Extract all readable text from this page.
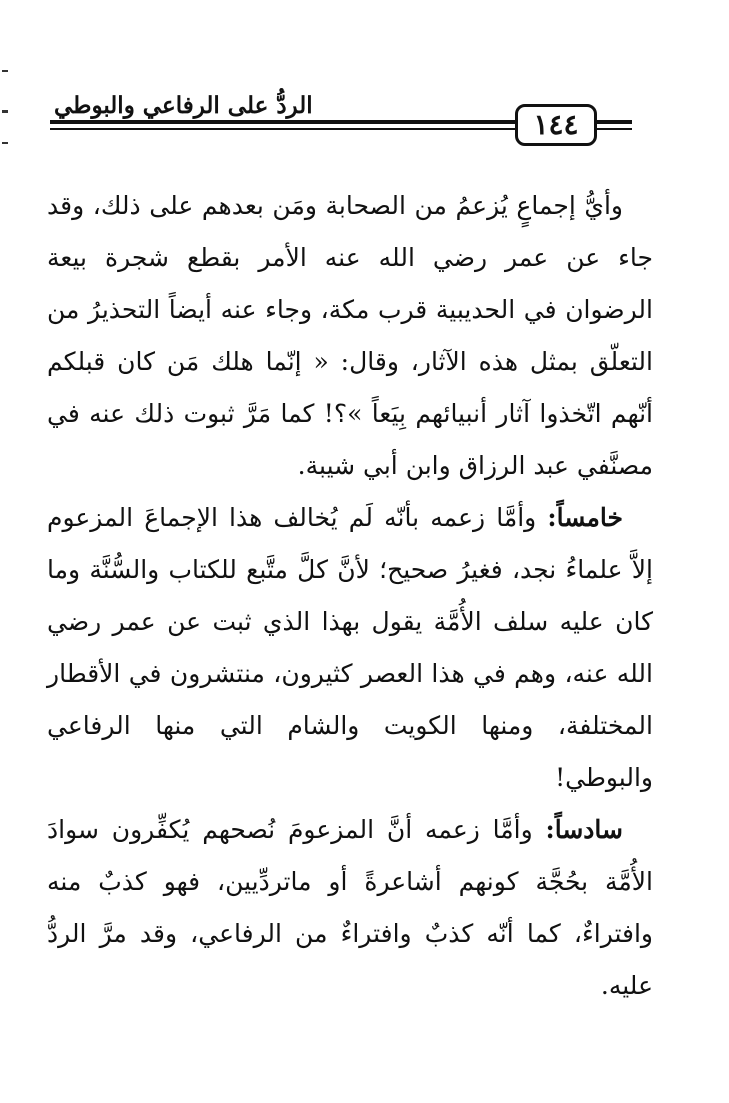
الردُّ على الرفاعي والبوطي
١٤٤

وأيُّ إجماعٍ يُزعمُ من الصحابة ومَن بعدهم على ذلك، وقد جاء عن عمر رضي الله عنه الأمر بقطع شجرة بيعة الرضوان في الحديبية قرب مكة، وجاء عنه أيضاً التحذيرُ من التعلّق بمثل هذه الآثار، وقال: « إنّما هلك مَن كان قبلكم أنّهم اتّخذوا آثار أنبيائهم بِيَعاً »؟! كما مَرَّ ثبوت ذلك عنه في مصنَّفي عبد الرزاق وابن أبي شيبة.

خامساً: وأمَّا زعمه بأنّه لَم يُخالف هذا الإجماعَ المزعوم إلاَّ علماءُ نجد، فغيرُ صحيح؛ لأنَّ كلَّ متَّبع للكتاب والسُّنَّة وما كان عليه سلف الأُمَّة يقول بهذا الذي ثبت عن عمر رضي الله عنه، وهم في هذا العصر كثيرون، منتشرون في الأقطار المختلفة، ومنها الكويت والشام التي منها الرفاعي والبوطي!

سادساً: وأمَّا زعمه أنَّ المزعومَ نُصحهم يُكفِّرون سوادَ الأُمَّة بحُجَّة كونهم أشاعرةً أو ماتردِّيين، فهو كذبٌ منه وافتراءٌ، كما أنّه كذبٌ وافتراءٌ من الرفاعي، وقد مرَّ الردُّ عليه.
